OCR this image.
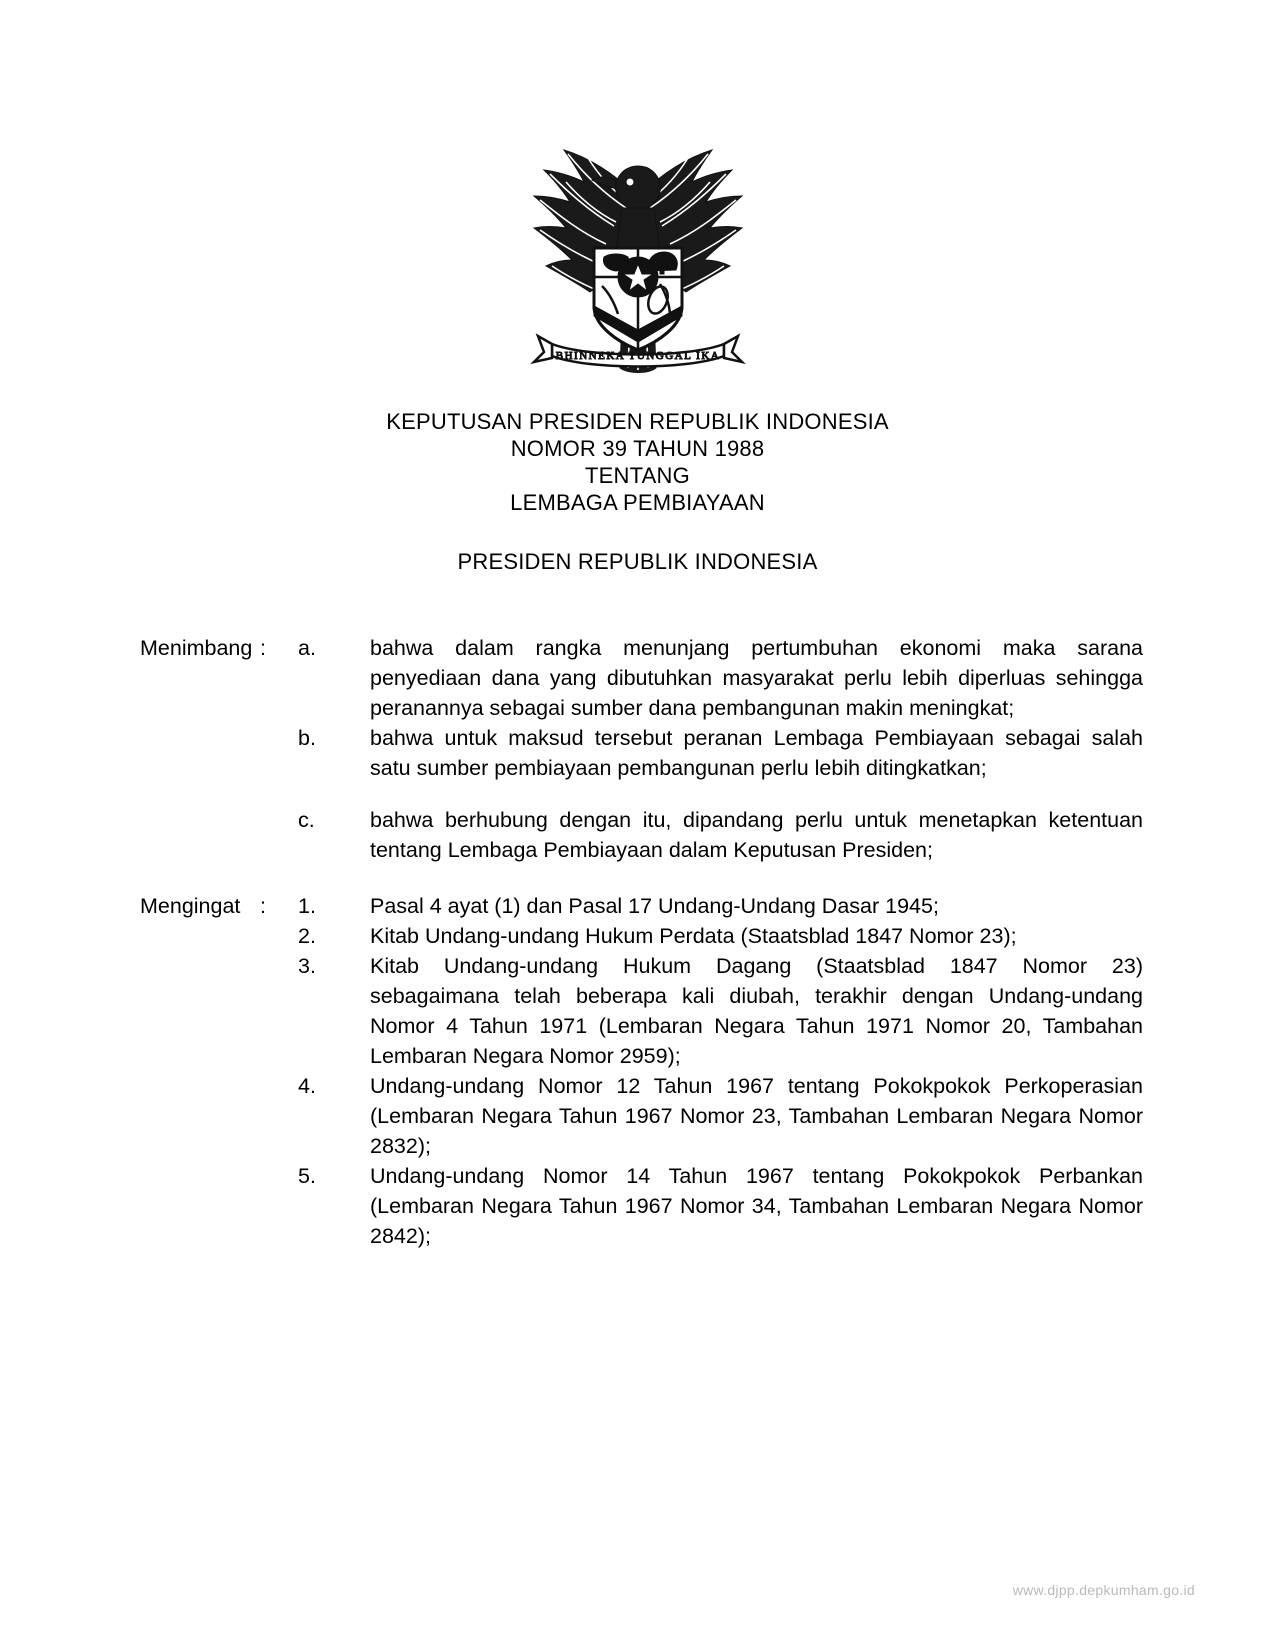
BHINNEKA TUNGGAL IKA
KEPUTUSAN PRESIDEN REPUBLIK INDONESIA
NOMOR 39 TAHUN 1988
TENTANG
LEMBAGA PEMBIAYAAN
PRESIDEN REPUBLIK INDONESIA
Menimbang :	a.	bahwa dalam rangka menunjang pertumbuhan ekonomi maka sarana penyediaan dana yang dibutuhkan masyarakat perlu lebih diperluas sehingga peranannya sebagai sumber dana pembangunan makin meningkat;
b.	bahwa untuk maksud tersebut peranan Lembaga Pembiayaan sebagai salah satu sumber pembiayaan pembangunan perlu lebih ditingkatkan;
c.	bahwa berhubung dengan itu, dipandang perlu untuk menetapkan ketentuan tentang Lembaga Pembiayaan dalam Keputusan Presiden;
Mengingat :	1.	Pasal 4 ayat (1) dan Pasal 17 Undang-Undang Dasar 1945;
2.	Kitab Undang-undang Hukum Perdata (Staatsblad 1847 Nomor 23);
3.	Kitab Undang-undang Hukum Dagang (Staatsblad 1847 Nomor 23) sebagaimana telah beberapa kali diubah, terakhir dengan Undang-undang Nomor 4 Tahun 1971 (Lembaran Negara Tahun 1971 Nomor 20, Tambahan Lembaran Negara Nomor 2959);
4.	Undang-undang Nomor 12 Tahun 1967 tentang Pokokpokok Perkoperasian (Lembaran Negara Tahun 1967 Nomor 23, Tambahan Lembaran Negara Nomor 2832);
5.	Undang-undang Nomor 14 Tahun 1967 tentang Pokokpokok Perbankan (Lembaran Negara Tahun 1967 Nomor 34, Tambahan Lembaran Negara Nomor 2842);
www.djpp.depkumham.go.id
